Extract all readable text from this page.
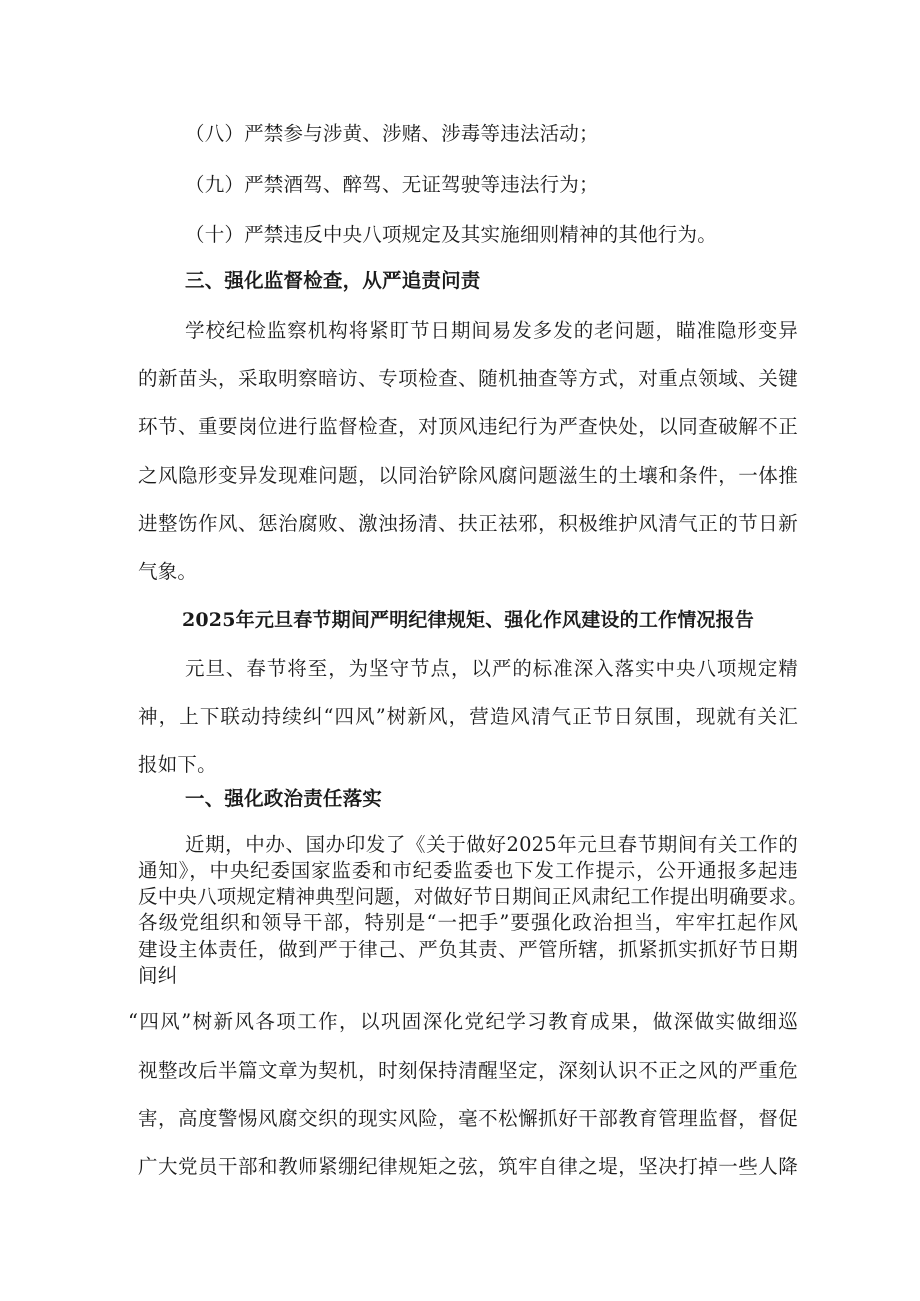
（八）严禁参与涉黄、涉赌、涉毒等违法活动；
（九）严禁酒驾、醉驾、无证驾驶等违法行为；
（十）严禁违反中央八项规定及其实施细则精神的其他行为。
三、强化监督检查，从严追责问责
学校纪检监察机构将紧盯节日期间易发多发的老问题，瞄准隐形变异
的新苗头，采取明察暗访、专项检查、随机抽查等方式，对重点领域、关键
环节、重要岗位进行监督检查，对顶风违纪行为严查快处，以同查破解不正
之风隐形变异发现难问题，以同治铲除风腐问题滋生的土壤和条件，一体推
进整饬作风、惩治腐败、激浊扬清、扶正祛邪，积极维护风清气正的节日新
气象。
2025年元旦春节期间严明纪律规矩、强化作风建设的工作情况报告
元旦、春节将至，为坚守节点，以严的标准深入落实中央八项规定精
神，上下联动持续纠“四风”树新风，营造风清气正节日氛围，现就有关汇
报如下。
一、强化政治责任落实
近期，中办、国办印发了《关于做好2025年元旦春节期间有关工作的
通知》，中央纪委国家监委和市纪委监委也下发工作提示，公开通报多起违
反中央八项规定精神典型问题，对做好节日期间正风肃纪工作提出明确要求。
各级党组织和领导干部，特别是“一把手”要强化政治担当，牢牢扛起作风
建设主体责任，做到严于律己、严负其责、严管所辖，抓紧抓实抓好节日期
间纠
“四风”树新风各项工作，以巩固深化党纪学习教育成果，做深做实做细巡
视整改后半篇文章为契机，时刻保持清醒坚定，深刻认识不正之风的严重危
害，高度警惕风腐交织的现实风险，毫不松懈抓好干部教育管理监督，督促
广大党员干部和教师紧绷纪律规矩之弦，筑牢自律之堤，坚决打掉一些人降
